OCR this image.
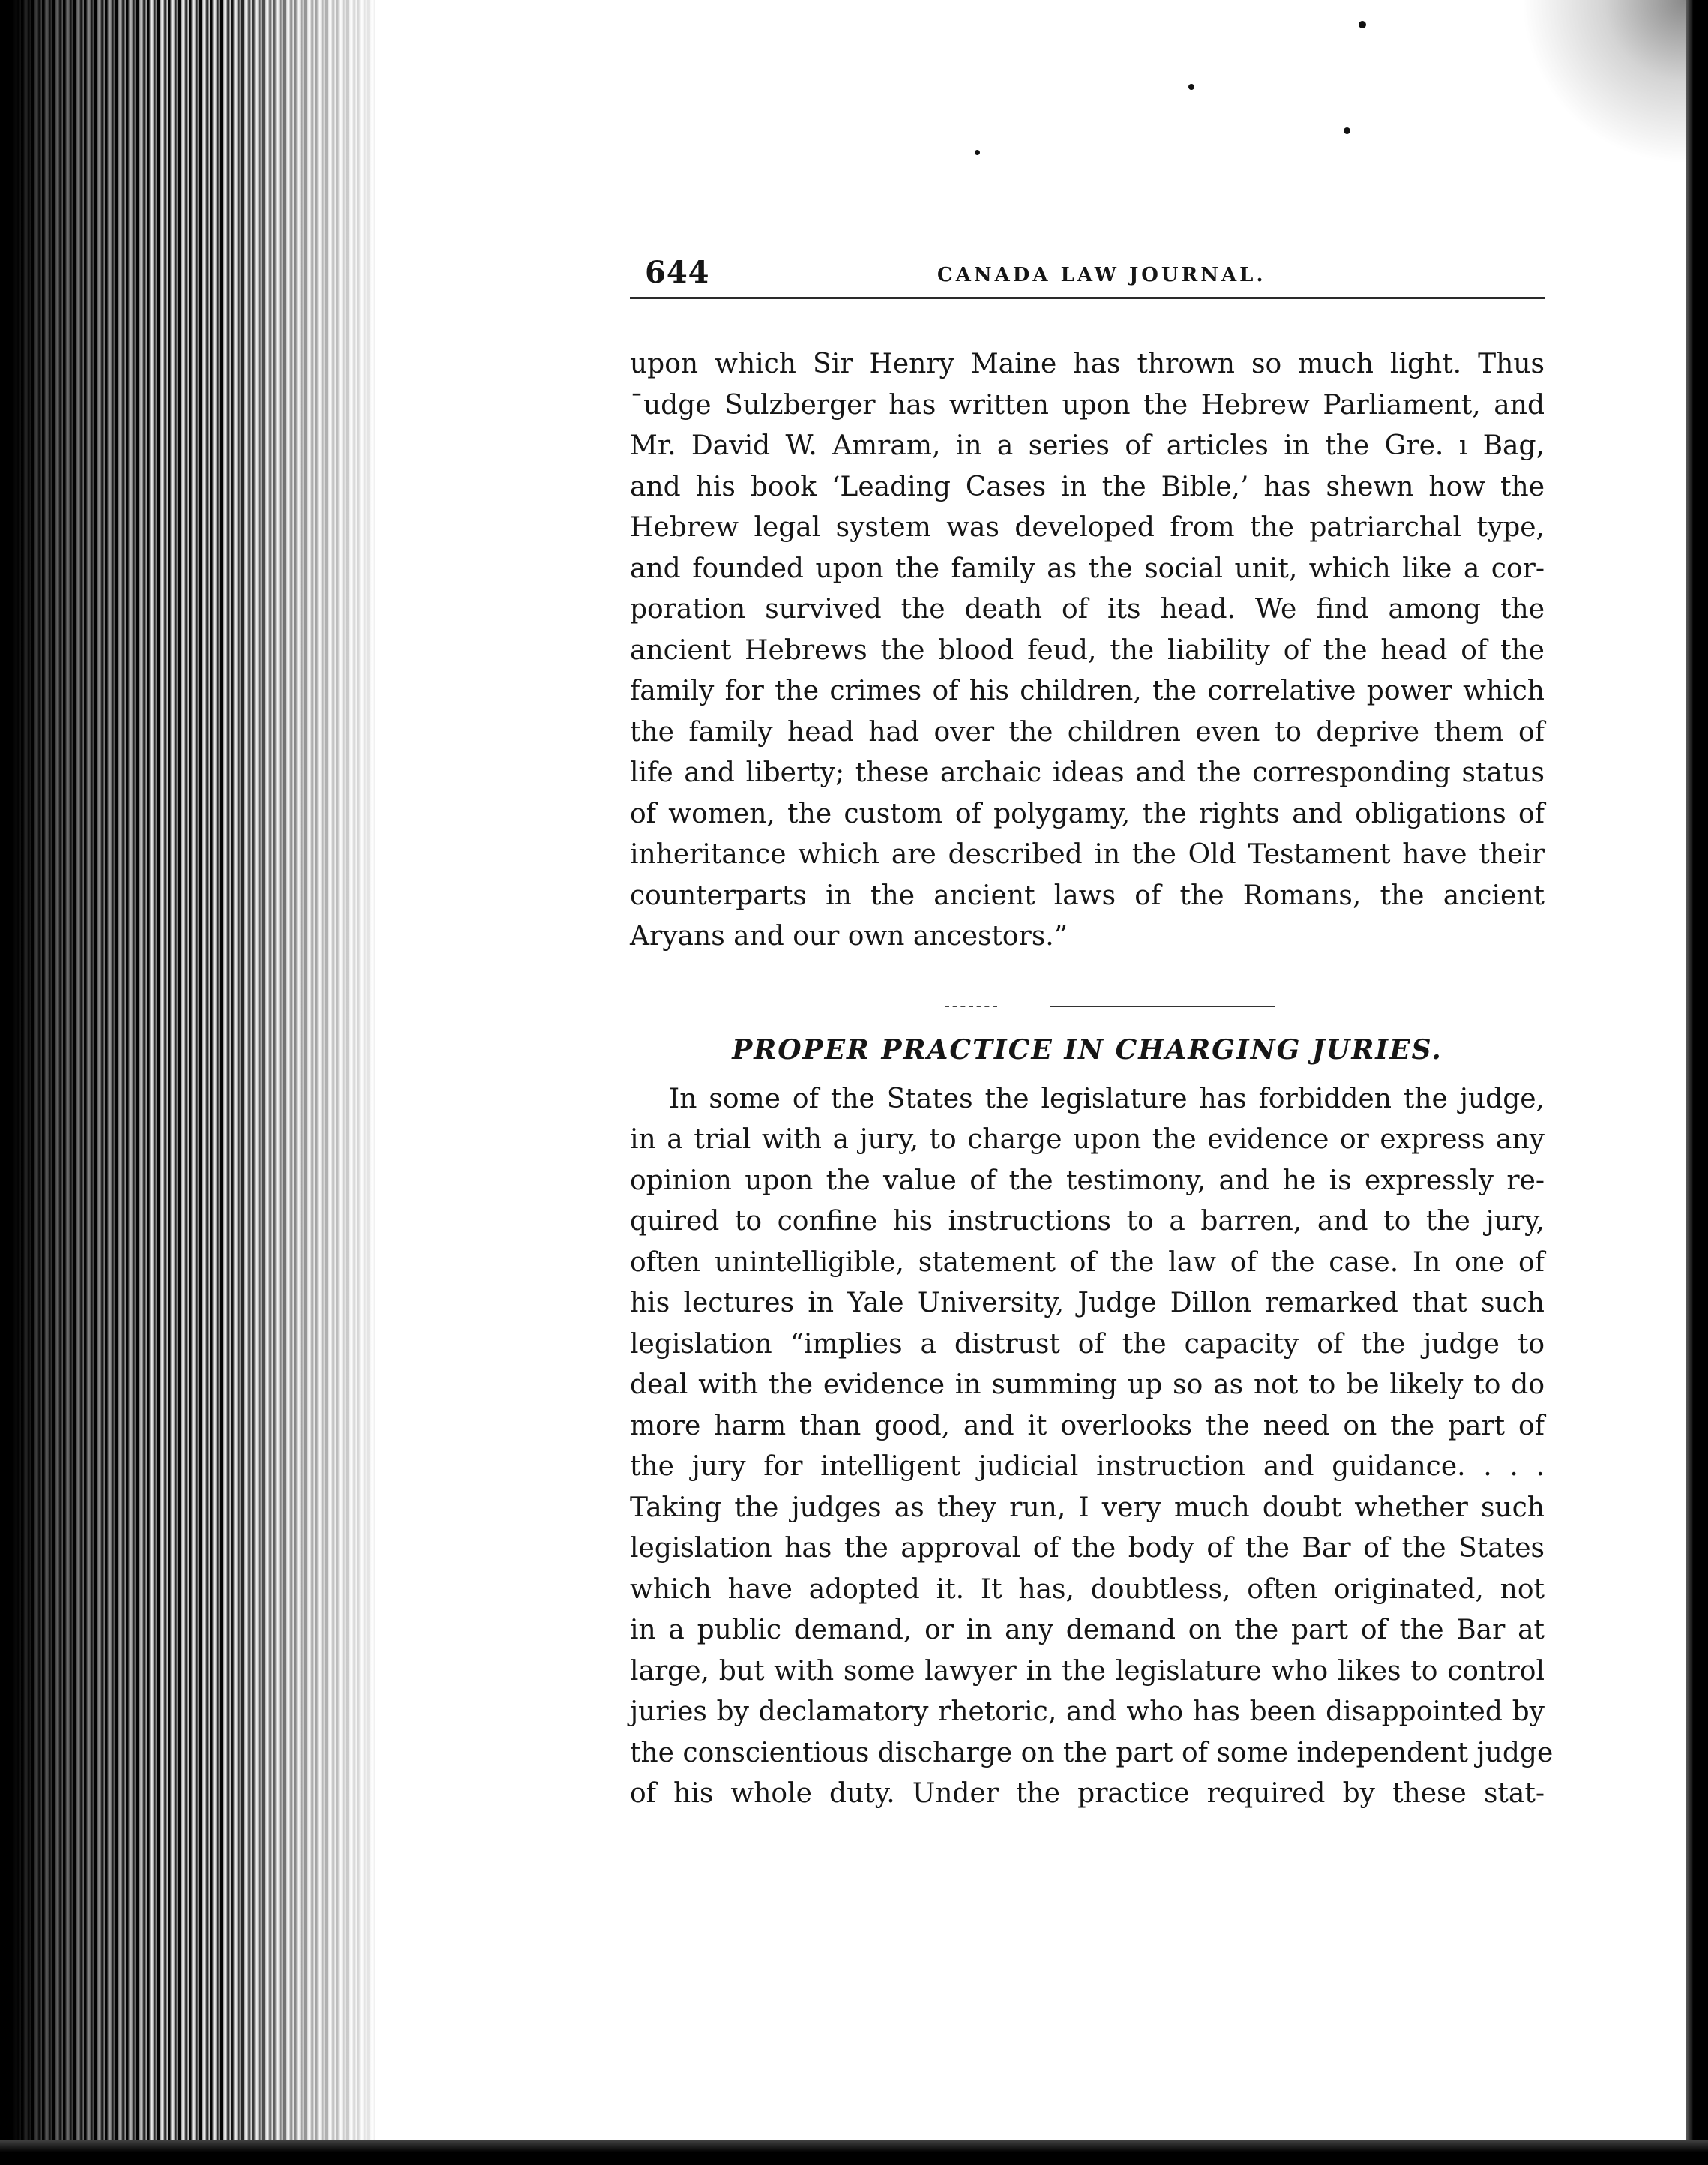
644	CANADA LAW JOURNAL.
upon which Sir Henry Maine has thrown so much light. Thus
ˉudge Sulzberger has written upon the Hebrew Parliament, and
Mr. David W. Amram, in a series of articles in the Gre. ı Bag,
and his book ‘Leading Cases in the Bible,’ has shewn how the
Hebrew legal system was developed from the patriarchal type,
and founded upon the family as the social unit, which like a cor-
poration survived the death of its head. We find among the
ancient Hebrews the blood feud, the liability of the head of the
family for the crimes of his children, the correlative power which
the family head had over the children even to deprive them of
life and liberty; these archaic ideas and the corresponding status
of women, the custom of polygamy, the rights and obligations of
inheritance which are described in the Old Testament have their
counterparts in the ancient laws of the Romans, the ancient
Aryans and our own ancestors.”
PROPER PRACTICE IN CHARGING JURIES.
In some of the States the legislature has forbidden the judge,
in a trial with a jury, to charge upon the evidence or express any
opinion upon the value of the testimony, and he is expressly re-
quired to confine his instructions to a barren, and to the jury,
often unintelligible, statement of the law of the case. In one of
his lectures in Yale University, Judge Dillon remarked that such
legislation “implies a distrust of the capacity of the judge to
deal with the evidence in summing up so as not to be likely to do
more harm than good, and it overlooks the need on the part of
the jury for intelligent judicial instruction and guidance. . . .
Taking the judges as they run, I very much doubt whether such
legislation has the approval of the body of the Bar of the States
which have adopted it. It has, doubtless, often originated, not
in a public demand, or in any demand on the part of the Bar at
large, but with some lawyer in the legislature who likes to control
juries by declamatory rhetoric, and who has been disappointed by
the conscientious discharge on the part of some independent judge
of his whole duty. Under the practice required by these stat-
